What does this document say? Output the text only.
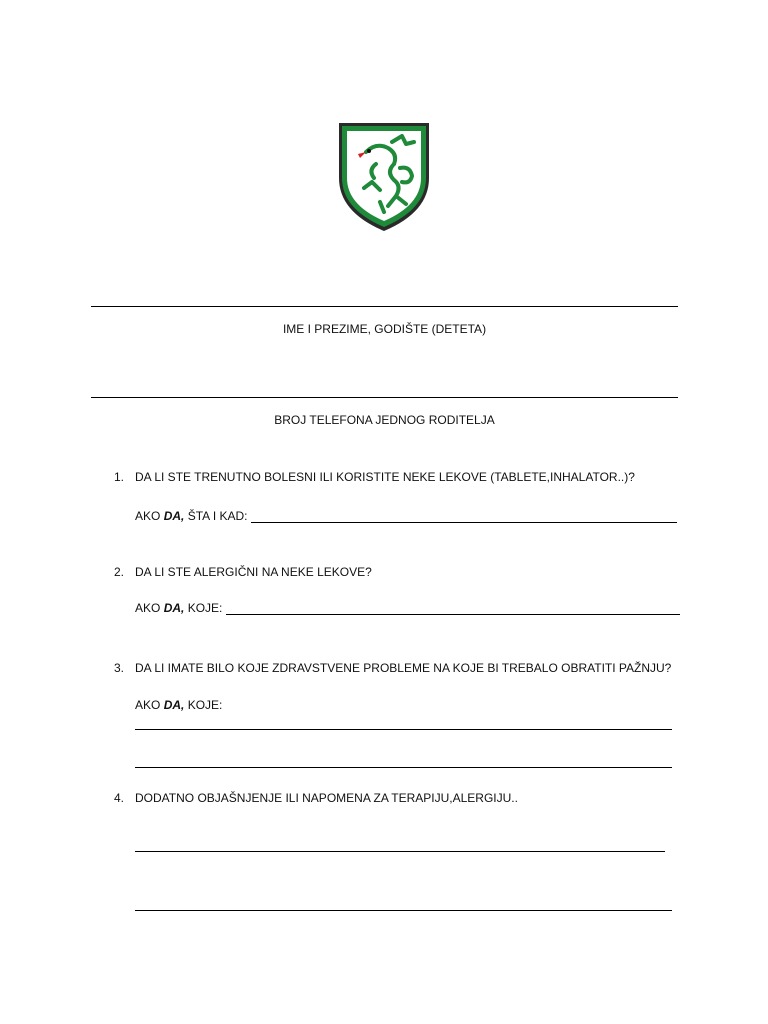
IME I PREZIME, GODIŠTE (DETETA)
BROJ TELEFONA JEDNOG RODITELJA
1. DA LI STE TRENUTNO BOLESNI ILI KORISTITE NEKE LEKOVE (TABLETE,INHALATOR..)?
AKO DA, ŠTA I KAD:
2. DA LI STE ALERGIČNI NA NEKE LEKOVE?
AKO DA, KOJE:
3. DA LI IMATE BILO KOJE ZDRAVSTVENE PROBLEME NA KOJE BI TREBALO OBRATITI PAŽNJU?
AKO DA, KOJE:
4. DODATNO OBJAŠNJENJE ILI NAPOMENA ZA TERAPIJU,ALERGIJU..
